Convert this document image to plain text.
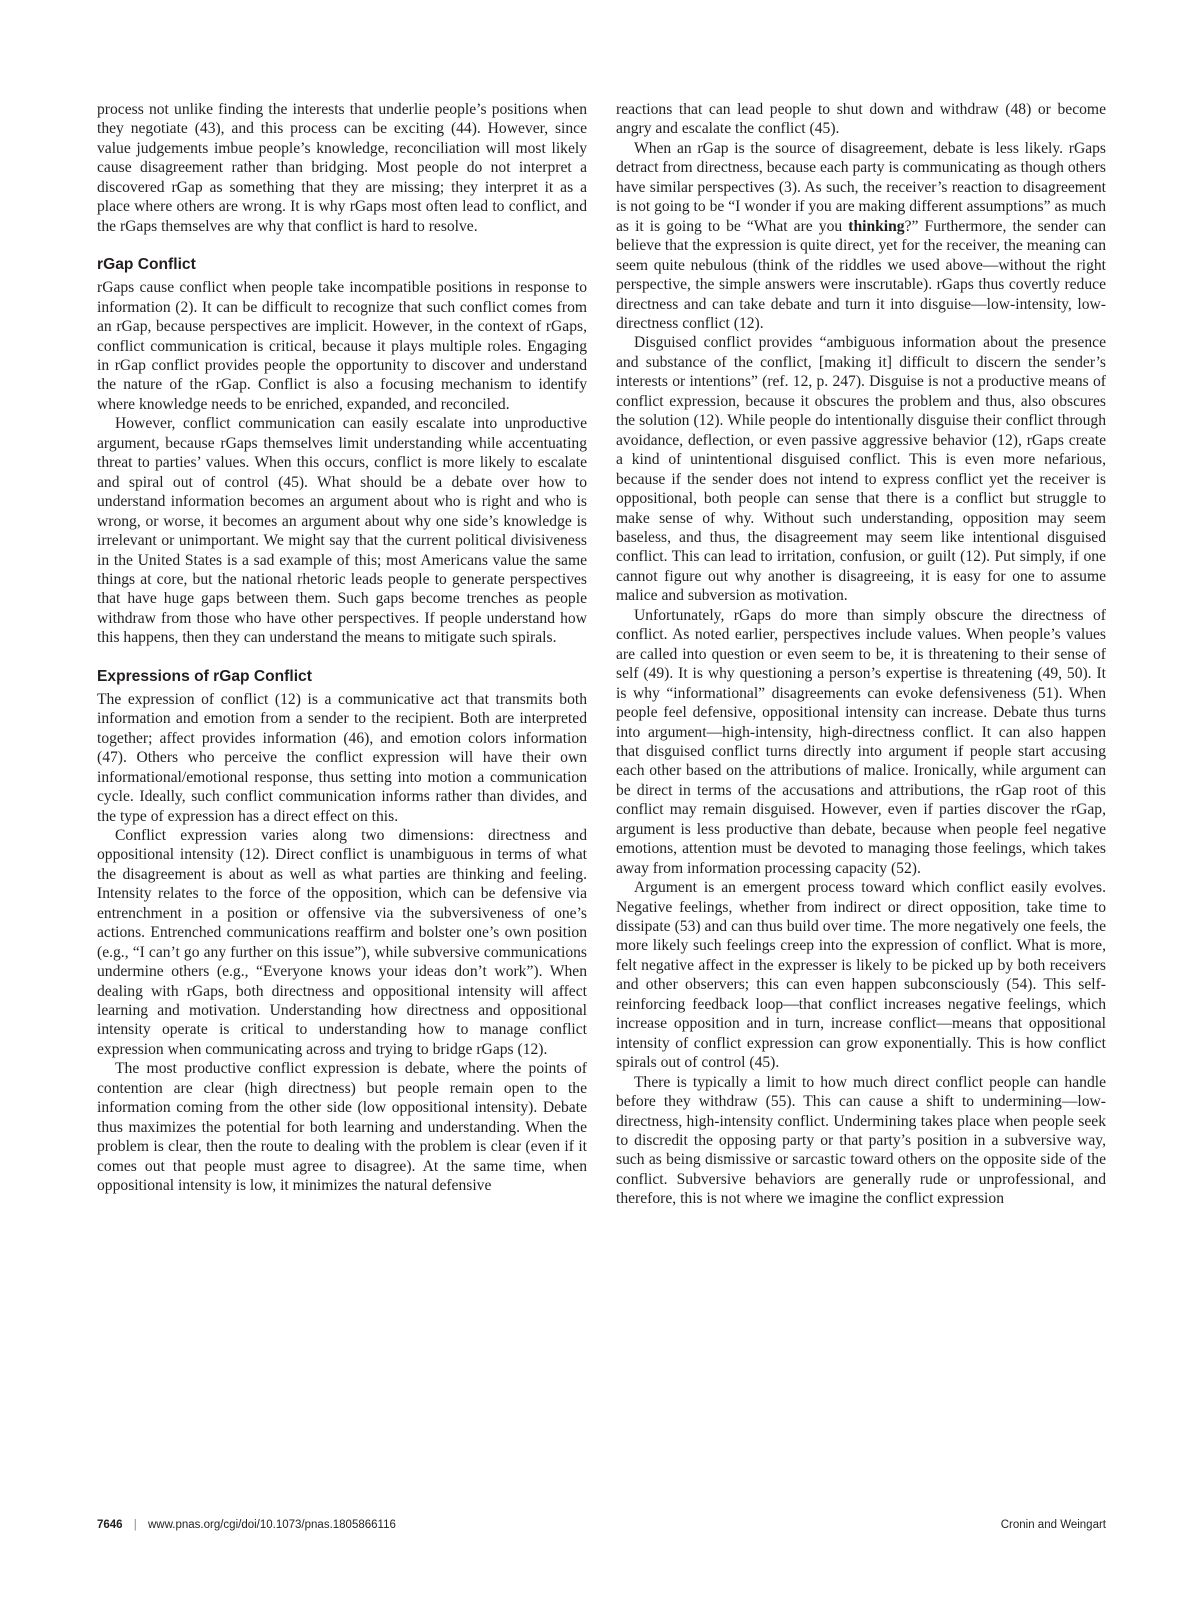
process not unlike finding the interests that underlie people’s positions when they negotiate (43), and this process can be exciting (44). However, since value judgements imbue people’s knowledge, reconciliation will most likely cause disagreement rather than bridging. Most people do not interpret a discovered rGap as something that they are missing; they interpret it as a place where others are wrong. It is why rGaps most often lead to conflict, and the rGaps themselves are why that conflict is hard to resolve.

rGap Conflict

rGaps cause conflict when people take incompatible positions in response to information (2). It can be difficult to recognize that such conflict comes from an rGap, because perspectives are implicit. However, in the context of rGaps, conflict communication is critical, because it plays multiple roles. Engaging in rGap conflict provides people the opportunity to discover and understand the nature of the rGap. Conflict is also a focusing mechanism to identify where knowledge needs to be enriched, expanded, and reconciled.

However, conflict communication can easily escalate into unproductive argument, because rGaps themselves limit understanding while accentuating threat to parties’ values. When this occurs, conflict is more likely to escalate and spiral out of control (45). What should be a debate over how to understand information becomes an argument about who is right and who is wrong, or worse, it becomes an argument about why one side’s knowledge is irrelevant or unimportant. We might say that the current political divisiveness in the United States is a sad example of this; most Americans value the same things at core, but the national rhetoric leads people to generate perspectives that have huge gaps between them. Such gaps become trenches as people withdraw from those who have other perspectives. If people understand how this happens, then they can understand the means to mitigate such spirals.

Expressions of rGap Conflict

The expression of conflict (12) is a communicative act that transmits both information and emotion from a sender to the recipient. Both are interpreted together; affect provides information (46), and emotion colors information (47). Others who perceive the conflict expression will have their own informational/emotional response, thus setting into motion a communication cycle. Ideally, such conflict communication informs rather than divides, and the type of expression has a direct effect on this.

Conflict expression varies along two dimensions: directness and oppositional intensity (12). Direct conflict is unambiguous in terms of what the disagreement is about as well as what parties are thinking and feeling. Intensity relates to the force of the opposition, which can be defensive via entrenchment in a position or offensive via the subversiveness of one’s actions. Entrenched communications reaffirm and bolster one’s own position (e.g., “I can’t go any further on this issue”), while subversive communications undermine others (e.g., “Everyone knows your ideas don’t work”). When dealing with rGaps, both directness and oppositional intensity will affect learning and motivation. Understanding how directness and oppositional intensity operate is critical to understanding how to manage conflict expression when communicating across and trying to bridge rGaps (12).

The most productive conflict expression is debate, where the points of contention are clear (high directness) but people remain open to the information coming from the other side (low oppositional intensity). Debate thus maximizes the potential for both learning and understanding. When the problem is clear, then the route to dealing with the problem is clear (even if it comes out that people must agree to disagree). At the same time, when oppositional intensity is low, it minimizes the natural defensive

reactions that can lead people to shut down and withdraw (48) or become angry and escalate the conflict (45).

When an rGap is the source of disagreement, debate is less likely. rGaps detract from directness, because each party is communicating as though others have similar perspectives (3). As such, the receiver’s reaction to disagreement is not going to be “I wonder if you are making different assumptions” as much as it is going to be “What are you thinking?” Furthermore, the sender can believe that the expression is quite direct, yet for the receiver, the meaning can seem quite nebulous (think of the riddles we used above—without the right perspective, the simple answers were inscrutable). rGaps thus covertly reduce directness and can take debate and turn it into disguise—low-intensity, low-directness conflict (12).

Disguised conflict provides “ambiguous information about the presence and substance of the conflict, [making it] difficult to discern the sender’s interests or intentions” (ref. 12, p. 247). Disguise is not a productive means of conflict expression, because it obscures the problem and thus, also obscures the solution (12). While people do intentionally disguise their conflict through avoidance, deflection, or even passive aggressive behavior (12), rGaps create a kind of unintentional disguised conflict. This is even more nefarious, because if the sender does not intend to express conflict yet the receiver is oppositional, both people can sense that there is a conflict but struggle to make sense of why. Without such understanding, opposition may seem baseless, and thus, the disagreement may seem like intentional disguised conflict. This can lead to irritation, confusion, or guilt (12). Put simply, if one cannot figure out why another is disagreeing, it is easy for one to assume malice and subversion as motivation.

Unfortunately, rGaps do more than simply obscure the directness of conflict. As noted earlier, perspectives include values. When people’s values are called into question or even seem to be, it is threatening to their sense of self (49). It is why questioning a person’s expertise is threatening (49, 50). It is why “informational” disagreements can evoke defensiveness (51). When people feel defensive, oppositional intensity can increase. Debate thus turns into argument—high-intensity, high-directness conflict. It can also happen that disguised conflict turns directly into argument if people start accusing each other based on the attributions of malice. Ironically, while argument can be direct in terms of the accusations and attributions, the rGap root of this conflict may remain disguised. However, even if parties discover the rGap, argument is less productive than debate, because when people feel negative emotions, attention must be devoted to managing those feelings, which takes away from information processing capacity (52).

Argument is an emergent process toward which conflict easily evolves. Negative feelings, whether from indirect or direct opposition, take time to dissipate (53) and can thus build over time. The more negatively one feels, the more likely such feelings creep into the expression of conflict. What is more, felt negative affect in the expresser is likely to be picked up by both receivers and other observers; this can even happen subconsciously (54). This self-reinforcing feedback loop—that conflict increases negative feelings, which increase opposition and in turn, increase conflict—means that oppositional intensity of conflict expression can grow exponentially. This is how conflict spirals out of control (45).

There is typically a limit to how much direct conflict people can handle before they withdraw (55). This can cause a shift to undermining—low-directness, high-intensity conflict. Undermining takes place when people seek to discredit the opposing party or that party’s position in a subversive way, such as being dismissive or sarcastic toward others on the opposite side of the conflict. Subversive behaviors are generally rude or unprofessional, and therefore, this is not where we imagine the conflict expression

7646 | www.pnas.org/cgi/doi/10.1073/pnas.1805866116	Cronin and Weingart
